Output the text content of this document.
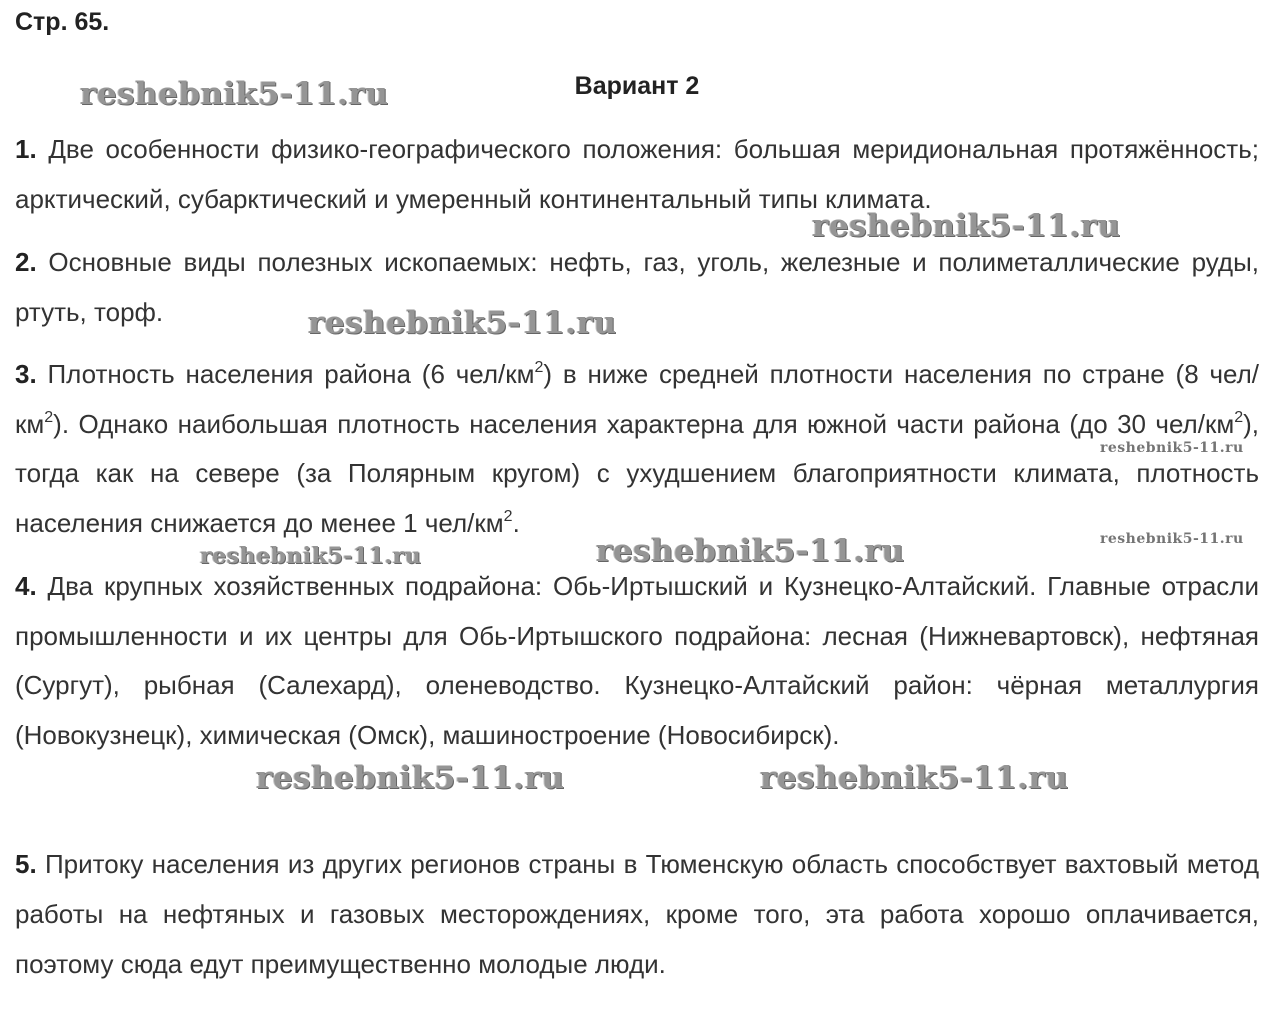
Стр. 65.
Вариант 2

1. Две особенности физико-географического положения: большая меридиональная протяжённость; арктический, субарктический и умеренный континентальный типы климата.

2. Основные виды полезных ископаемых: нефть, газ, уголь, железные и полиметаллические руды, ртуть, торф.

3. Плотность населения района (6 чел/$км^2$) в ниже средней плотности населения по стране (8 чел/$км^2$). Однако наибольшая плотность населения характерна для южной части района (до 30 чел/$км^2$), тогда как на севере (за Полярным кругом) с ухудшением благоприятности климата, плотность населения снижается до менее 1 чел/$км^2$.

4. Два крупных хозяйственных подрайона: Обь-Иртышский и Кузнецко-Алтайский. Главные отрасли промышленности и их центры для Обь-Иртышского подрайона: лесная (Нижневартовск), нефтяная (Сургут), рыбная (Салехард), оленеводство. Кузнецко-Алтайский район: чёрная металлургия (Новокузнецк), химическая (Омск), машиностроение (Новосибирск).

5. Притоку населения из других регионов страны в Тюменскую область способствует вахтовый метод работы на нефтяных и газовых месторождениях, кроме того, эта работа хорошо оплачивается, поэтому сюда едут преимущественно молодые люди.

reshebnik5-11.ru
reshebnik5-11.ru
reshebnik5-11.ru
reshebnik5-11.ru
reshebnik5-11.ru
reshebnik5-11.ru	reshebnik5-11.ru
reshebnik5-11.ru	reshebnik5-11.ru
